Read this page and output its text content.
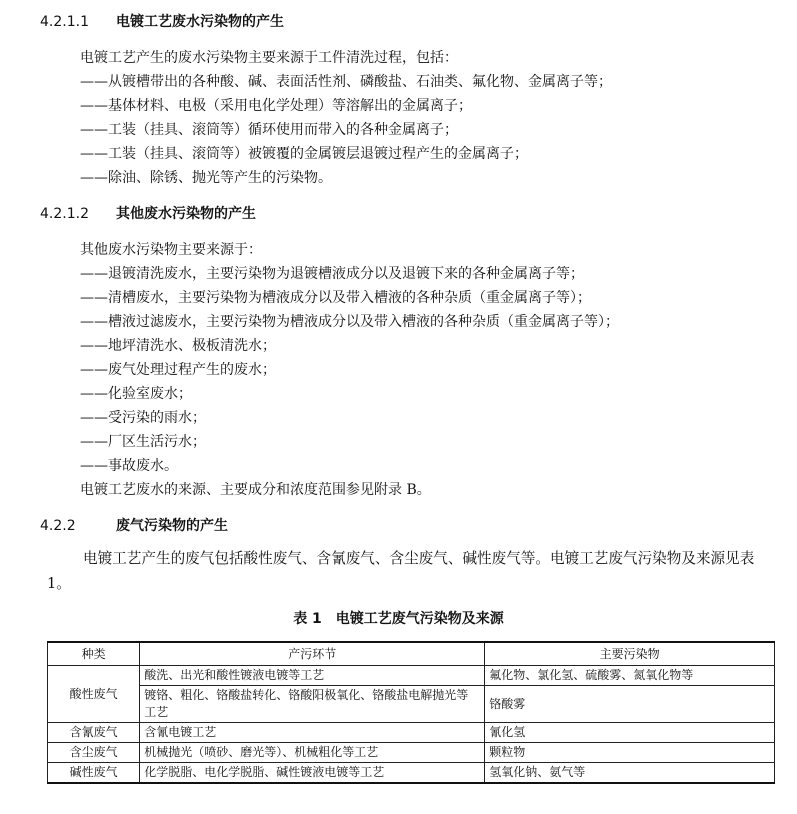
4.2.1.1 电镀工艺废水污染物的产生
电镀工艺产生的废水污染物主要来源于工件清洗过程，包括：
——从镀槽带出的各种酸、碱、表面活性剂、磷酸盐、石油类、氟化物、金属离子等；
——基体材料、电极（采用电化学处理）等溶解出的金属离子；
——工装（挂具、滚筒等）循环使用而带入的各种金属离子；
——工装（挂具、滚筒等）被镀覆的金属镀层退镀过程产生的金属离子；
——除油、除锈、抛光等产生的污染物。
4.2.1.2 其他废水污染物的产生
其他废水污染物主要来源于：
——退镀清洗废水，主要污染物为退镀槽液成分以及退镀下来的各种金属离子等；
——清槽废水，主要污染物为槽液成分以及带入槽液的各种杂质（重金属离子等）；
——槽液过滤废水，主要污染物为槽液成分以及带入槽液的各种杂质（重金属离子等）；
——地坪清洗水、极板清洗水；
——废气处理过程产生的废水；
——化验室废水；
——受污染的雨水；
——厂区生活污水；
——事故废水。
电镀工艺废水的来源、主要成分和浓度范围参见附录 B。
4.2.2	废气污染物的产生
电镀工艺产生的废气包括酸性废气、含氰废气、含尘废气、碱性废气等。电镀工艺废气污染物及来源见表 1。
表 1　电镀工艺废气污染物及来源
种类	产污环节	主要污染物
酸性废气	酸洗、出光和酸性镀液电镀等工艺	氟化物、氯化氢、硫酸雾、氮氧化物等
	镀铬、粗化、铬酸盐转化、铬酸阳极氧化、铬酸盐电解抛光等工艺	铬酸雾
含氰废气	含氰电镀工艺	氰化氢
含尘废气	机械抛光（喷砂、磨光等）、机械粗化等工艺	颗粒物
碱性废气	化学脱脂、电化学脱脂、碱性镀液电镀等工艺	氢氧化钠、氨气等
